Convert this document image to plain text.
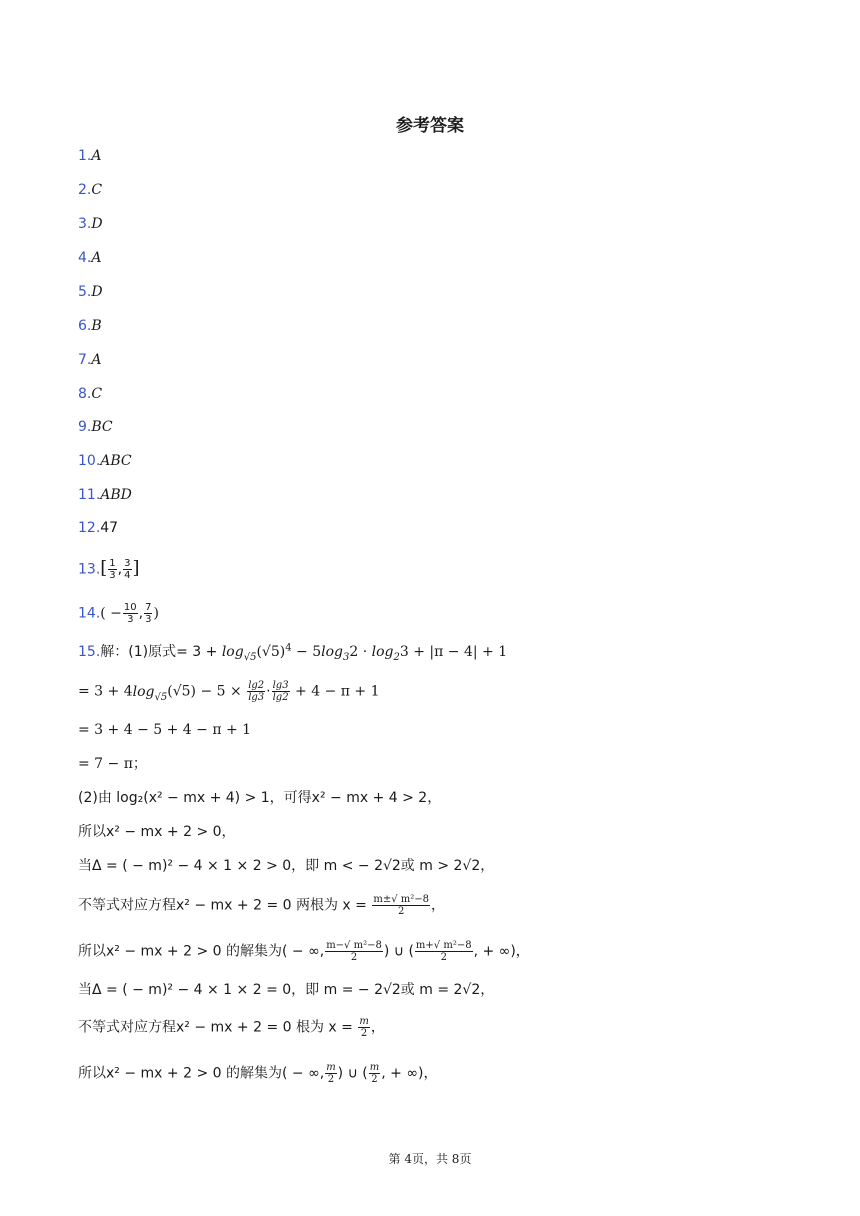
参考答案
1.A
2.C
3.D
4.A
5.D
6.B
7.A
8.C
9.BC
10.ABC
11.ABD
12.47
$13.[ \frac{1}{3}$ , $\frac{3}{4}$ ]
$14.( - \frac{10}{3}$ , $\frac{7}{3}$ )
15.解：(1)原式= $3 + \log_{√5}(√5)^4 - 5\log_32 \cdot \log_23 + |\pi - 4| + 1$
= $3 + 4\log_{√5}(√5) - 5 \times \frac{\lg 2}{\lg 3} \cdot \frac{\lg 3}{\lg 2} + 4 - \pi + 1$
= 3 + 4 − 5 + 4 − π + 1
= 7 − π；
(2)由 log₂(x² − mx + 4) > 1，可得x² − mx + 4 > 2，
所以x² − mx + 2 > 0，
当Δ = ( − m)² − 4 × 1 × 2 > 0，即 m < − 2√2或 m > 2√2，
不等式对应方程x² − mx + 2 = 0 两根为 $x = \frac{\text{m±√ m²−8}}{2}$ ，
所以x² − mx + 2 > 0 的解集为( − ∞, $\frac{\text{m−√ m²−8}}{2}$ ) ∪ ( $\frac{\text{m+√ m²−8}}{2}$ , + ∞)，
当Δ = ( − m)² − 4 × 1 × 2 = 0，即 m = − 2√2或 m = 2√2，
不等式对应方程x² − mx + 2 = 0 根为 $x = \frac{m}{2}$ ，
所以x² − mx + 2 > 0 的解集为( − ∞, $\frac{m}{2}$ ) ∪ ( $\frac{m}{2}$ , + ∞)，
第 4页，共 8页
